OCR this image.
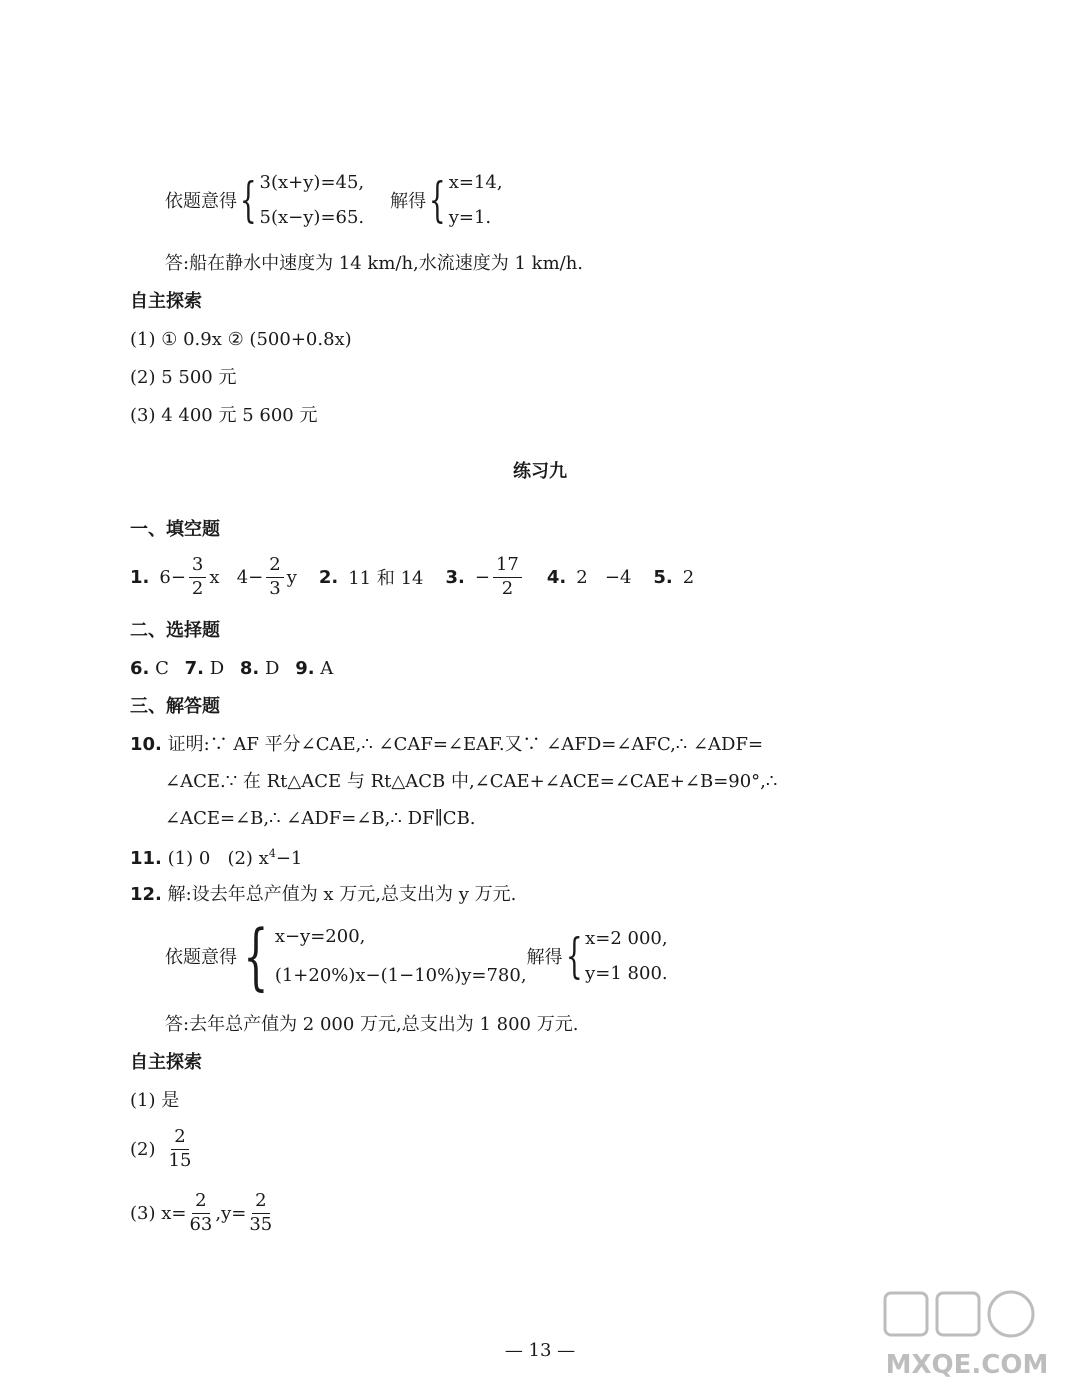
依题意得 { 3(x+y)=45,
5(x−y)=65.
解得 { x=14,
y=1.
答:船在静水中速度为 14 km/h,水流速度为 1 km/h.
自主探索
(1) ① 0.9x ② (500+0.8x)
(2) 5 500 元
(3) 4 400 元 5 600 元
练习九
一、填空题
1. $6- \frac{3}{2}$ x   $4- \frac{2}{3}$ y 2. 11 和 14 3. − $\frac{17}{2} 4$. 2   −4 5. 2
二、选择题
6. C 7. D 8. D 9. A
三、解答题
10. 证明:∵ AF 平分∠CAE,∴ ∠CAF=∠EAF.又∵ ∠AFD=∠AFC,∴ ∠ADF=
∠ACE.∵ 在 Rt△ACE 与 Rt△ACB 中,∠CAE+∠ACE=∠CAE+∠B=90°,∴
∠ACE=∠B,∴ ∠ADF=∠B,∴ DF∥CB.
11. (1) 0   (2) $x^4-1$
12. 解:设去年总产值为 x 万元,总支出为 y 万元.
依题意得 { x−y=200,
(1+20%)x−(1−10%)y=780,
解得 { x=2 000,
y=1 800.
答:去年总产值为 2 000 万元,总支出为 1 800 万元.
自主探索
(1) 是
$(2) \frac{2}{15}$
(3) $x= \frac{2}{63} ,y= \frac{2}{35}$
— 13 —	MXQE.COM
